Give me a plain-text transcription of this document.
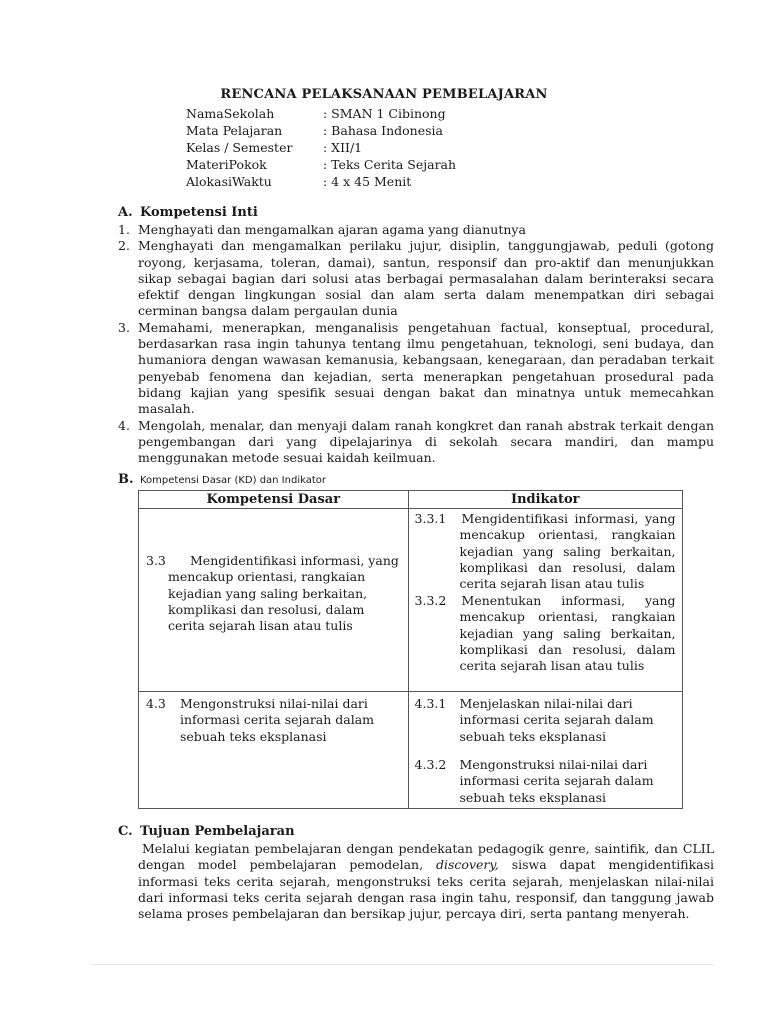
RENCANA PELAKSANAAN PEMBELAJARAN
NamaSekolah	: SMAN 1 Cibinong
Mata Pelajaran	: Bahasa Indonesia
Kelas / Semester : XII/1
MateriPokok	: Teks Cerita Sejarah
AlokasiWaktu	: 4 x 45 Menit
A. Kompetensi Inti
1. Menghayati dan mengamalkan ajaran agama yang dianutnya
2. Menghayati dan mengamalkan perilaku jujur, disiplin, tanggungjawab, peduli (gotong royong, kerjasama, toleran, damai), santun, responsif dan pro-aktif dan menunjukkan sikap sebagai bagian dari solusi atas berbagai permasalahan dalam berinteraksi secara efektif dengan lingkungan sosial dan alam serta dalam menempatkan diri sebagai cerminan bangsa dalam pergaulan dunia
3. Memahami, menerapkan, menganalisis pengetahuan factual, konseptual, procedural, berdasarkan rasa ingin tahunya tentang ilmu pengetahuan, teknologi, seni budaya, dan humaniora dengan wawasan kemanusia, kebangsaan, kenegaraan, dan peradaban terkait penyebab fenomena dan kejadian, serta menerapkan pengetahuan prosedural pada bidang kajian yang spesifik sesuai dengan bakat dan minatnya untuk memecahkan masalah.
4. Mengolah, menalar, dan menyaji dalam ranah kongkret dan ranah abstrak terkait dengan pengembangan dari yang dipelajarinya di sekolah secara mandiri, dan mampu menggunakan metode sesuai kaidah keilmuan.
B. Kompetensi Dasar (KD) dan Indikator
Kompetensi Dasar	Indikator

3.3 Mengidentifikasi informasi, yang mencakup orientasi, rangkaian kejadian yang saling berkaitan, komplikasi dan resolusi, dalam cerita sejarah lisan atau tulis	3.3.1 Mengidentifikasi informasi, yang mencakup orientasi, rangkaian kejadian yang saling berkaitan, komplikasi dan resolusi, dalam cerita sejarah lisan atau tulis
3.3.2 Menentukan informasi, yang mencakup orientasi, rangkaian kejadian yang saling berkaitan, komplikasi dan resolusi, dalam cerita sejarah lisan atau tulis

4.3 Mengonstruksi nilai-nilai dari informasi cerita sejarah dalam sebuah teks eksplanasi	4.3.1 Menjelaskan nilai-nilai dari informasi cerita sejarah dalam sebuah teks eksplanasi
4.3.2 Mengonstruksi nilai-nilai dari informasi cerita sejarah dalam sebuah teks eksplanasi
C. Tujuan Pembelajaran
Melalui kegiatan pembelajaran dengan pendekatan pedagogik genre, saintifik, dan CLIL dengan model pembelajaran pemodelan, discovery, siswa dapat mengidentifikasi informasi teks cerita sejarah, mengonstruksi teks cerita sejarah, menjelaskan nilai-nilai dari informasi teks cerita sejarah dengan rasa ingin tahu, responsif, dan tanggung jawab selama proses pembelajaran dan bersikap jujur, percaya diri, serta pantang menyerah.
